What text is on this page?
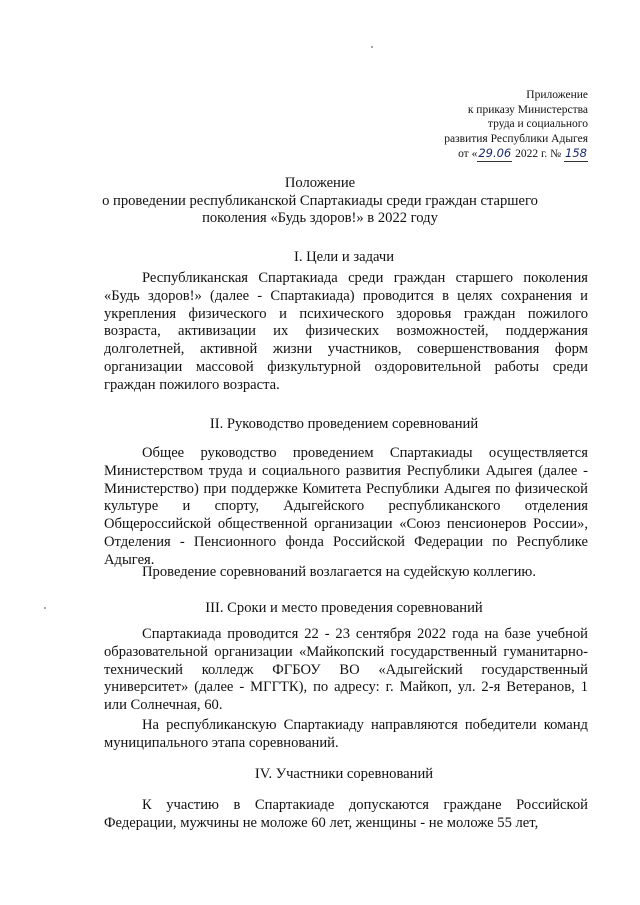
Приложение
к приказу Министерства
труда и социального
развития Республики Адыгея
от «29.06 2022 г. № 158
Положение
о проведении республиканской Спартакиады среди граждан старшего
поколения «Будь здоров!» в 2022 году
I. Цели и задачи

Республиканская Спартакиада среди граждан старшего поколения «Будь здоров!» (далее - Спартакиада) проводится в целях сохранения и укрепления физического и психического здоровья граждан пожилого возраста, активизации их физических возможностей, поддержания долголетней, активной жизни участников, совершенствования форм организации массовой физкультурной оздоровительной работы среди граждан пожилого возраста.

II. Руководство проведением соревнований

Общее руководство проведением Спартакиады осуществляется Министерством труда и социального развития Республики Адыгея (далее - Министерство) при поддержке Комитета Республики Адыгея по физической культуре и спорту, Адыгейского республиканского отделения Общероссийской общественной организации «Союз пенсионеров России», Отделения - Пенсионного фонда Российской Федерации по Республике Адыгея.

Проведение соревнований возлагается на судейскую коллегию.

III. Сроки и место проведения соревнований

Спартакиада проводится 22 - 23 сентября 2022 года на базе учебной образовательной организации «Майкопский государственный гуманитарно-технический колледж ФГБОУ ВО «Адыгейский государственный университет» (далее - МГГТК), по адресу: г. Майкоп, ул. 2-я Ветеранов, 1 или Солнечная, 60.

На республиканскую Спартакиаду направляются победители команд муниципального этапа соревнований.

IV. Участники соревнований

К участию в Спартакиаде допускаются граждане Российской Федерации, мужчины не моложе 60 лет, женщины - не моложе 55 лет,
